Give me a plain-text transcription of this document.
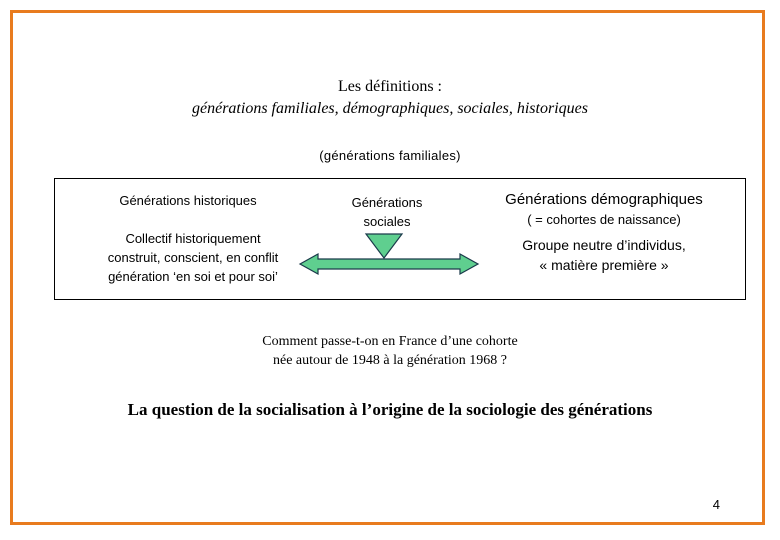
Les définitions :
générations familiales, démographiques, sociales, historiques
(générations familiales)
Générations historiques
Collectif historiquement
construit, conscient, en conflit
génération ‘en soi et pour soi’
Générations
sociales
Générations démographiques
( = cohortes de naissance)
Groupe neutre d’individus,
« matière première »
Comment passe-t-on en France d’une cohorte
née autour de 1948 à la génération 1968 ?
La question de la socialisation à l’origine de la sociologie des générations
4
